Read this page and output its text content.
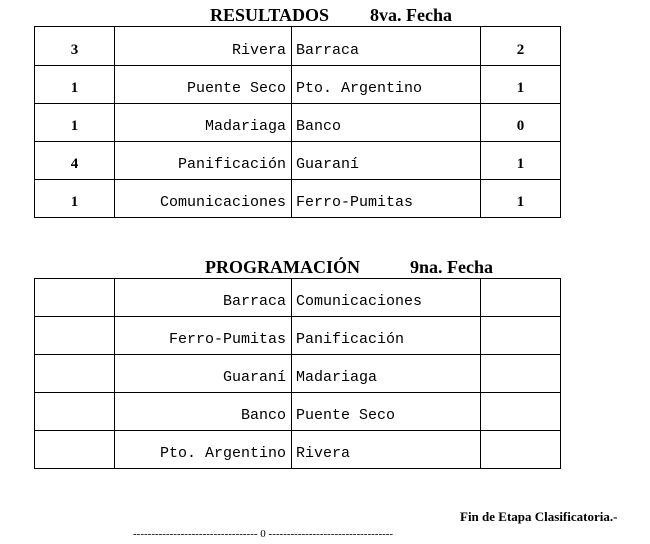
RESULTADOS 8va. Fecha
3	Rivera	Barraca	2
1	Puente Seco	Pto. Argentino	1
1	Madariaga	Banco	0
4	Panificación	Guaraní	1
1	Comunicaciones	Ferro-Pumitas	1
PROGRAMACIÓN	9na. Fecha
	Barraca	Comunicaciones	
	Ferro-Pumitas	Panificación	
	Guaraní	Madariaga	
	Banco	Puente Seco	
	Pto. Argentino	Rivera	
Fin de Etapa Clasificatoria.-
---------------------------------- 0 ----------------------------------
